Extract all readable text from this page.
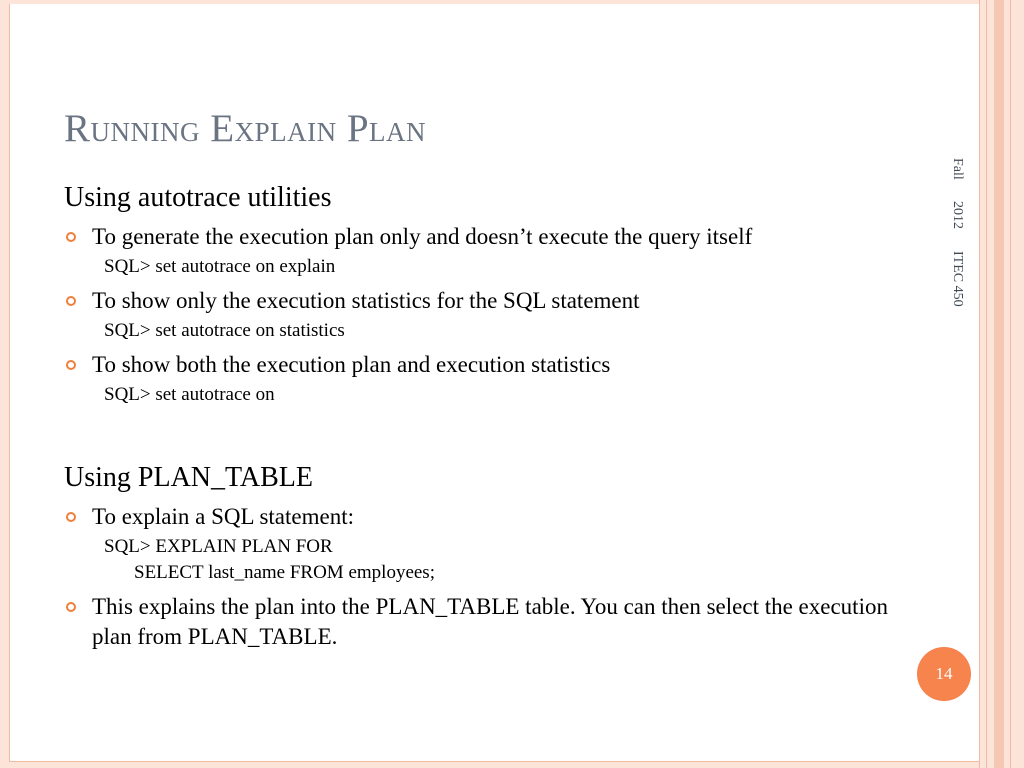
Running Explain Plan
Fall 2012 ITEC 450

Using autotrace utilities

To generate the execution plan only and doesn’t execute the query itself
SQL> set autotrace on explain
To show only the execution statistics for the SQL statement
SQL> set autotrace on statistics
To show both the execution plan and execution statistics
SQL> set autotrace on

Using PLAN_TABLE

To explain a SQL statement:
SQL> EXPLAIN PLAN FOR
SELECT last_name FROM employees;
This explains the plan into the PLAN_TABLE table. You can then select the execution plan from PLAN_TABLE.
14
